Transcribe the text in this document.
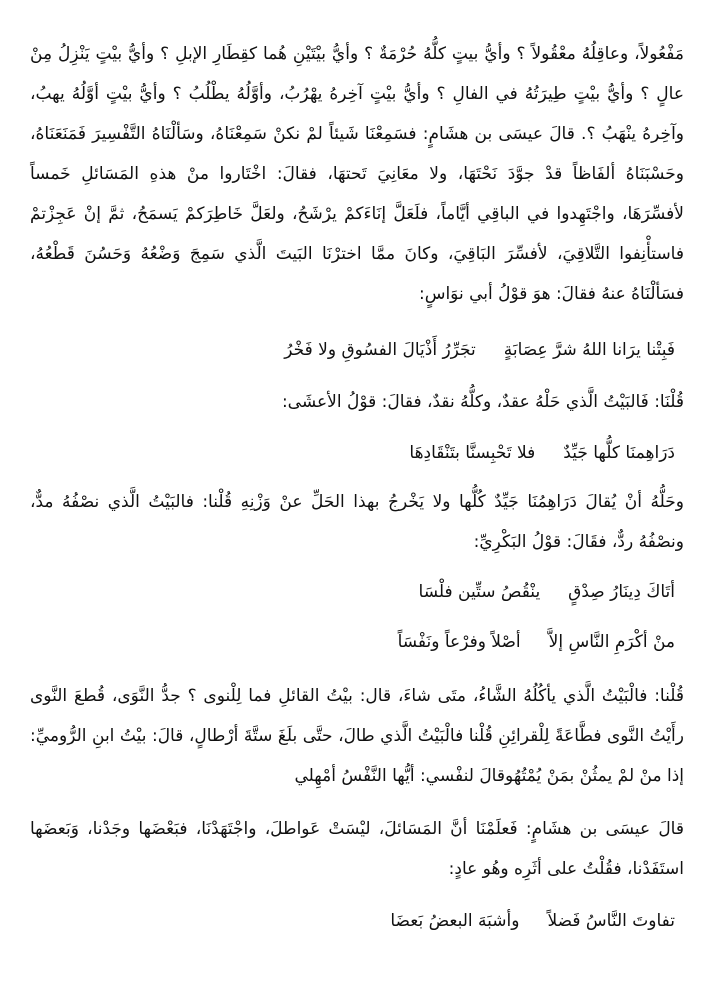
مَفْعُولاً، وعاقِلُهُ معْقُولاً ؟ وأيُّ بيتٍ كلُّهُ حُرْمَةٌ ؟ وأيُّ بيْتَيْنِ هُما كقِطَارِ الإبلِ ؟ وأيُّ بيْتٍ يَنْزِلُ مِنْ عالٍ ؟ وأيُّ بيْتٍ طِيرَتُهُ في الفالِ ؟ وأيُّ بيْتٍ آخِرهُ يهْرُبُ، وأوَّلُهُ يطْلُبُ ؟ وأيُّ بيْتٍ أوَّلُهُ يهبُ، وآخِرهُ ينْهَبُ ؟. قالَ عيسَى بن هشَامٍ: فسَمِعْنَا شَيئاً لمْ نكنْ سَمِعْنَاهُ، وسَألْنَاهُ التَّفْسِيرَ فَمَنَعَنَاهُ، وحَسْبَنَاهُ ألفَاظاً قدْ جوَّدَ نَحْتَهَا، ولا معَانِيَ تَحتهَا، فقالَ: اخْتَاروا منْ هذهِ المَسَائلِ خَمساً لأفسِّرَهَا، واجْتَهِدوا في الباقِي أيَّاماً، فلَعَلَّ إنَاءَكمْ يرْشَحُ، ولعَلَّ خَاطِرَكمْ يَسمَحُ، ثمَّ إنْ عَجِزْتمْ فاستأْنِفوا التَّلاقِيَ، لأفسِّرَ البَاقِيَ، وكانَ ممَّا اخترْنَا البَيتَ الَّذي سَمِجَ وَضْعُهُ وَحَسُنَ قَطْعُهُ، فسَألْنَاهُ عنهُ فقالَ: هوَ قوْلُ أبي نوَاسٍ:

فَبِتْنا يرَانا اللهُ شرَّ عِصَابَةٍتجَرِّرُ أَذْيَالَ الفسُوقِ ولا فَخْرُ

قُلْنَا: فَالبَيْتُ الَّذي حَلْهُ عقدٌ، وكلُّهُ نقدٌ، فقالَ: قوْلُ الأعشَى:

دَرَاهِمنَا كلُّها جَيِّدٌفلا تَحْبِسنَّا بتَنْقَادِهَا

وحَلُّهُ أنْ يُقالَ دَرَاهِمُنَا جَيِّدٌ كُلُّها ولا يَخْرجُ بهذا الحَلِّ عنْ وَزْنِهِ قُلْنا: فالبَيْتُ الَّذي نصْفُهُ مدٌّ، ونصْفُهُ ردٌّ، فقَالَ: قوْلُ البَكْرِيِّ:

أتَاكَ دِينَارُ صِدْقٍينْقُصُ ستِّين فلْسَا
منْ أكْرَمِ النَّاسِ إلاَّأصْلاً وفرْعاً ونَفْسَاً

قُلْنا: فالْبَيْتُ الَّذي يأكُلُهُ الشَّاءُ، متَى شاءَ، قال: بيْتُ القائلِ فما لِلْنوى ؟ جدُّ النَّوَى، قُطعَ النَّوى رأَيْتُ النَّوى فطَّاعَةً لِلْقرائِنِ قُلْنا فالْبَيْتُ الَّذي طالَ، حتَّى بلَغَ ستَّةَ أرْطالٍ، قالَ: بيْتُ ابنِ الرُّوميِّ: إذا منْ لمْ يمثُنْ بمَنْ يُمْتُهُوقالَ لنفْسي: أيُّها النَّفْسُ أمْهِلي

قالَ عيسَى بن هشَامٍ: فَعلَمْنَا أنَّ المَسَائلَ، ليْسَتْ عَواطلَ، واجْتَهَدْنَا، فبَعْضَها وجَدْنا، وَبَعضَها استَفَدْنا، فقُلْتُ على أثَرِه وهُو عادٍ:

تفاوتَ النَّاسُ فَضلاًوأشبَهَ البعضُ بَعضَا
